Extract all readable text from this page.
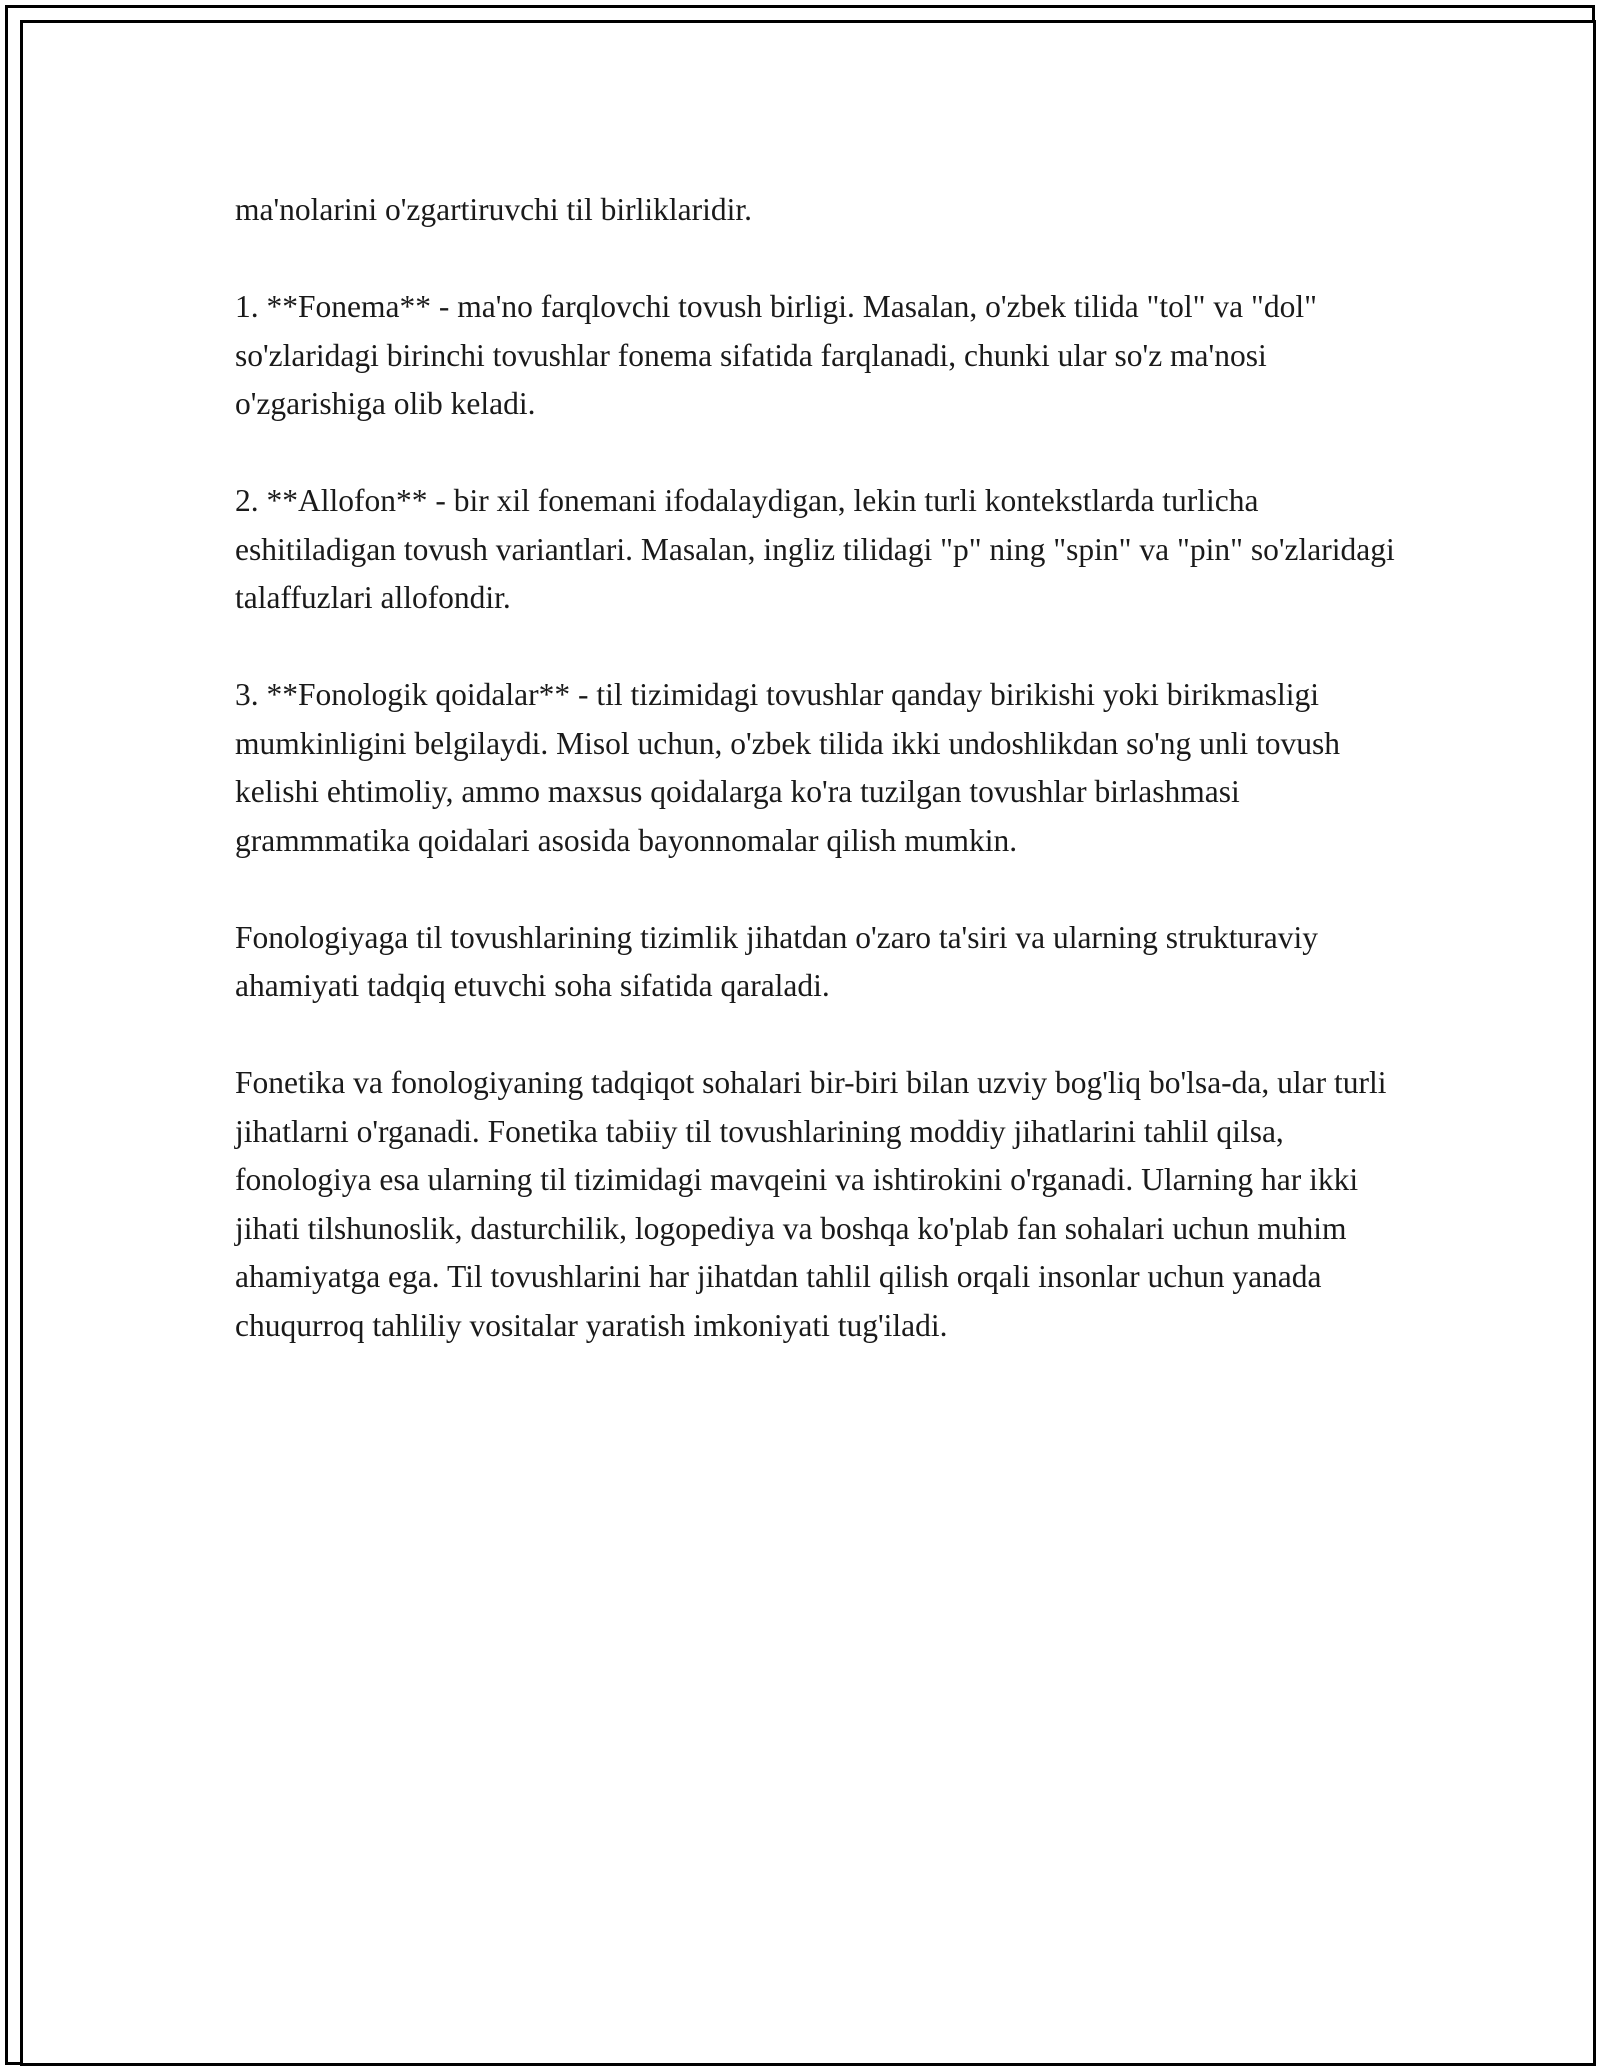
ma'nolarini o'zgartiruvchi til birliklaridir.

1. **Fonema** - ma'no farqlovchi tovush birligi. Masalan, o'zbek tilida "tol" va "dol" so'zlaridagi birinchi tovushlar fonema sifatida farqlanadi, chunki ular so'z ma'nosi o'zgarishiga olib keladi.

2. **Allofon** - bir xil fonemani ifodalaydigan, lekin turli kontekstlarda turlicha eshitiladigan tovush variantlari. Masalan, ingliz tilidagi "p" ning "spin" va "pin" so'zlaridagi talaffuzlari allofondir.

3. **Fonologik qoidalar** - til tizimidagi tovushlar qanday birikishi yoki birikmasligi mumkinligini belgilaydi. Misol uchun, o'zbek tilida ikki undoshlikdan so'ng unli tovush kelishi ehtimoliy, ammo maxsus qoidalarga ko'ra tuzilgan tovushlar birlashmasi grammmatika qoidalari asosida bayonnomalar qilish mumkin.

Fonologiyaga til tovushlarining tizimlik jihatdan o'zaro ta'siri va ularning strukturaviy ahamiyati tadqiq etuvchi soha sifatida qaraladi.

Fonetika va fonologiyaning tadqiqot sohalari bir-biri bilan uzviy bog'liq bo'lsa-da, ular turli jihatlarni o'rganadi. Fonetika tabiiy til tovushlarining moddiy jihatlarini tahlil qilsa, fonologiya esa ularning til tizimidagi mavqeini va ishtirokini o'rganadi. Ularning har ikki jihati tilshunoslik, dasturchilik, logopediya va boshqa ko'plab fan sohalari uchun muhim ahamiyatga ega. Til tovushlarini har jihatdan tahlil qilish orqali insonlar uchun yanada chuqurroq tahliliy vositalar yaratish imkoniyati tug'iladi.
